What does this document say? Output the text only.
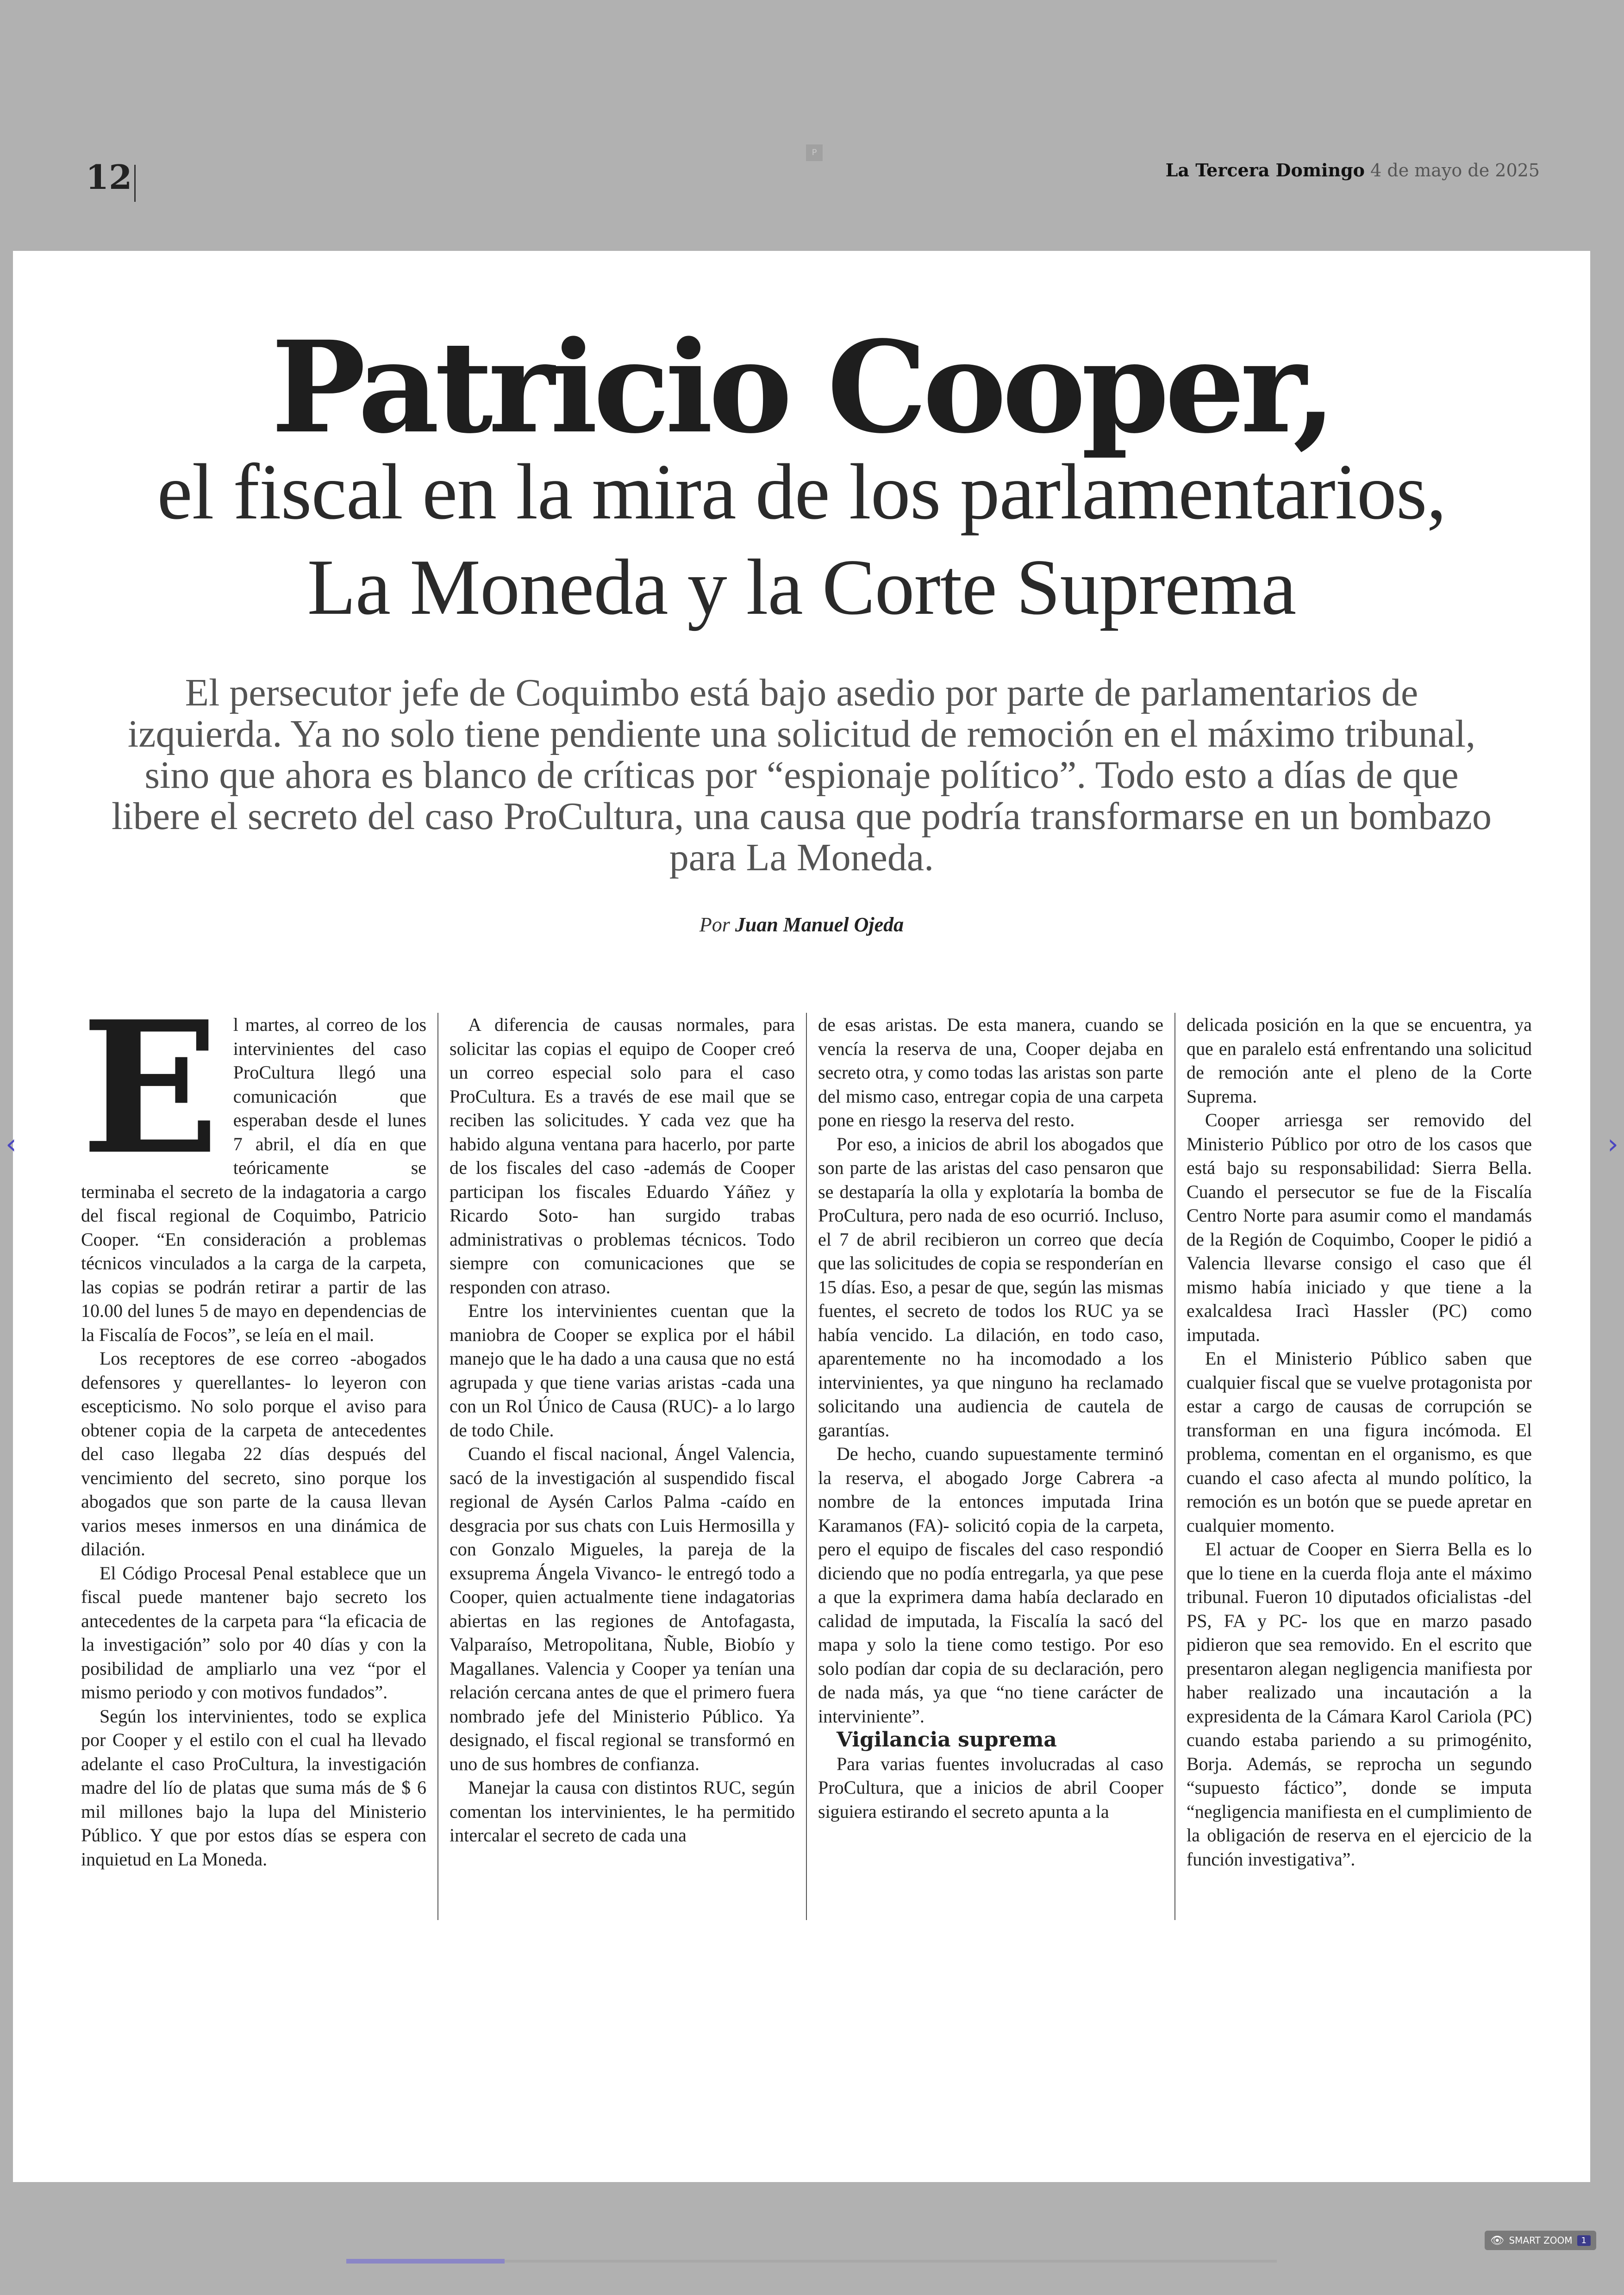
12
P
La Tercera Domingo 4 de mayo de 2025
Patricio Cooper,
el fiscal en la mira de los parlamentarios,
La Moneda y la Corte Suprema
El persecutor jefe de Coquimbo está bajo asedio por parte de parlamentarios de izquierda. Ya no solo tiene pendiente una solicitud de remoción en el máximo tribunal, sino que ahora es blanco de críticas por “espionaje político”. Todo esto a días de que libere el secreto del caso ProCultura, una causa que podría transformarse en un bombazo para La Moneda.
Por Juan Manuel Ojeda
E l martes, al correo de los intervinientes del caso ProCultura llegó una comunicación que esperaban desde el lunes 7 abril, el día en que teóricamente se terminaba el secreto de la indagatoria a cargo del fiscal regional de Coquimbo, Patricio Cooper. “En consideración a problemas técnicos vinculados a la carga de la carpeta, las copias se podrán retirar a partir de las 10.00 del lunes 5 de mayo en dependencias de la Fiscalía de Focos”, se leía en el mail.

Los receptores de ese correo -abogados defensores y querellantes- lo leyeron con escepticismo. No solo porque el aviso para obtener copia de la carpeta de antecedentes del caso llegaba 22 días después del vencimiento del secreto, sino porque los abogados que son parte de la causa llevan varios meses inmersos en una dinámica de dilación.

El Código Procesal Penal establece que un fiscal puede mantener bajo secreto los antecedentes de la carpeta para “la eficacia de la investigación” solo por 40 días y con la posibilidad de ampliarlo una vez “por el mismo periodo y con motivos fundados”.

Según los intervinientes, todo se explica por Cooper y el estilo con el cual ha llevado adelante el caso ProCultura, la investigación madre del lío de platas que suma más de $ 6 mil millones bajo la lupa del Ministerio Público. Y que por estos días se espera con inquietud en La Moneda.

A diferencia de causas normales, para solicitar las copias el equipo de Cooper creó un correo especial solo para el caso ProCultura. Es a través de ese mail que se reciben las solicitudes. Y cada vez que ha habido alguna ventana para hacerlo, por parte de los fiscales del caso -además de Cooper participan los fiscales Eduardo Yáñez y Ricardo Soto- han surgido trabas administrativas o problemas técnicos. Todo siempre con comunicaciones que se responden con atraso.

Entre los intervinientes cuentan que la maniobra de Cooper se explica por el hábil manejo que le ha dado a una causa que no está agrupada y que tiene varias aristas -cada una con un Rol Único de Causa (RUC)- a lo largo de todo Chile.

Cuando el fiscal nacional, Ángel Valencia, sacó de la investigación al suspendido fiscal regional de Aysén Carlos Palma -caído en desgracia por sus chats con Luis Hermosilla y con Gonzalo Migueles, la pareja de la exsuprema Ángela Vivanco- le entregó todo a Cooper, quien actualmente tiene indagatorias abiertas en las regiones de Antofagasta, Valparaíso, Metropolitana, Ñuble, Biobío y Magallanes. Valencia y Cooper ya tenían una relación cercana antes de que el primero fuera nombrado jefe del Ministerio Público. Ya designado, el fiscal regional se transformó en uno de sus hombres de confianza.

Manejar la causa con distintos RUC, según comentan los intervinientes, le ha permitido intercalar el secreto de cada una

de esas aristas. De esta manera, cuando se vencía la reserva de una, Cooper dejaba en secreto otra, y como todas las aristas son parte del mismo caso, entregar copia de una carpeta pone en riesgo la reserva del resto.

Por eso, a inicios de abril los abogados que son parte de las aristas del caso pensaron que se destaparía la olla y explotaría la bomba de ProCultura, pero nada de eso ocurrió. Incluso, el 7 de abril recibieron un correo que decía que las solicitudes de copia se responderían en 15 días. Eso, a pesar de que, según las mismas fuentes, el secreto de todos los RUC ya se había vencido. La dilación, en todo caso, aparentemente no ha incomodado a los intervinientes, ya que ninguno ha reclamado solicitando una audiencia de cautela de garantías.

De hecho, cuando supuestamente terminó la reserva, el abogado Jorge Cabrera -a nombre de la entonces imputada Irina Karamanos (FA)- solicitó copia de la carpeta, pero el equipo de fiscales del caso respondió diciendo que no podía entregarla, ya que pese a que la exprimera dama había declarado en calidad de imputada, la Fiscalía la sacó del mapa y solo la tiene como testigo. Por eso solo podían dar copia de su declaración, pero de nada más, ya que “no tiene carácter de interviniente”.

Vigilancia suprema

Para varias fuentes involucradas al caso ProCultura, que a inicios de abril Cooper siguiera estirando el secreto apunta a la

delicada posición en la que se encuentra, ya que en paralelo está enfrentando una solicitud de remoción ante el pleno de la Corte Suprema.

Cooper arriesga ser removido del Ministerio Público por otro de los casos que está bajo su responsabilidad: Sierra Bella. Cuando el persecutor se fue de la Fiscalía Centro Norte para asumir como el mandamás de la Región de Coquimbo, Cooper le pidió a Valencia llevarse consigo el caso que él mismo había iniciado y que tiene a la exalcaldesa Iracì Hassler (PC) como imputada.

En el Ministerio Público saben que cualquier fiscal que se vuelve protagonista por estar a cargo de causas de corrupción se transforman en una figura incómoda. El problema, comentan en el organismo, es que cuando el caso afecta al mundo político, la remoción es un botón que se puede apretar en cualquier momento.

El actuar de Cooper en Sierra Bella es lo que lo tiene en la cuerda floja ante el máximo tribunal. Fueron 10 diputados oficialistas -del PS, FA y PC- los que en marzo pasado pidieron que sea removido. En el escrito que presentaron alegan negligencia manifiesta por haber realizado una incautación a la expresidenta de la Cámara Karol Cariola (PC) cuando estaba pariendo a su primogénito, Borja. Además, se reprocha un segundo “supuesto fáctico”, donde se imputa “negligencia manifiesta en el cumplimiento de la obligación de reserva en el ejercicio de la función investigativa”.

‹	›
👁 SMART ZOOM	1
